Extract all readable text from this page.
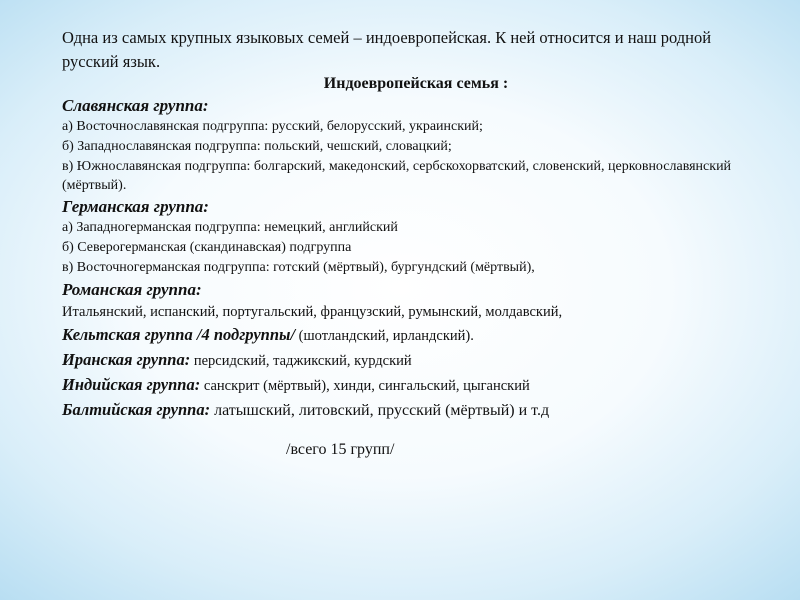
Одна из самых крупных языковых семей – индоевропейская. К ней относится и наш родной русский язык.

Индоевропейская семья :

Славянская группа:

а) Восточнославянская подгруппа: русский, белорусский, украинский;

б) Западнославянская подгруппа: польский, чешский, словацкий;

в) Южнославянская подгруппа: болгарский, македонский, сербскохорватский, словенский, церковнославянский (мёртвый).

Германская группа:

а) Западногерманская подгруппа: немецкий, английский

б) Северогерманская (скандинавская) подгруппа

в) Восточногерманская подгруппа: готский (мёртвый), бургундский (мёртвый),

Романская группа:

Итальянский, испанский, португальский, французский, румынский, молдавский,

Кельтская группа /4 подгруппы/ (шотландский, ирландский).

Иранская группа: персидский, таджикский, курдский

Индийская группа: санскрит (мёртвый), хинди, сингальский, цыганский

Балтийская группа: латышский, литовский, прусский (мёртвый) и т.д

/всего 15 групп/
